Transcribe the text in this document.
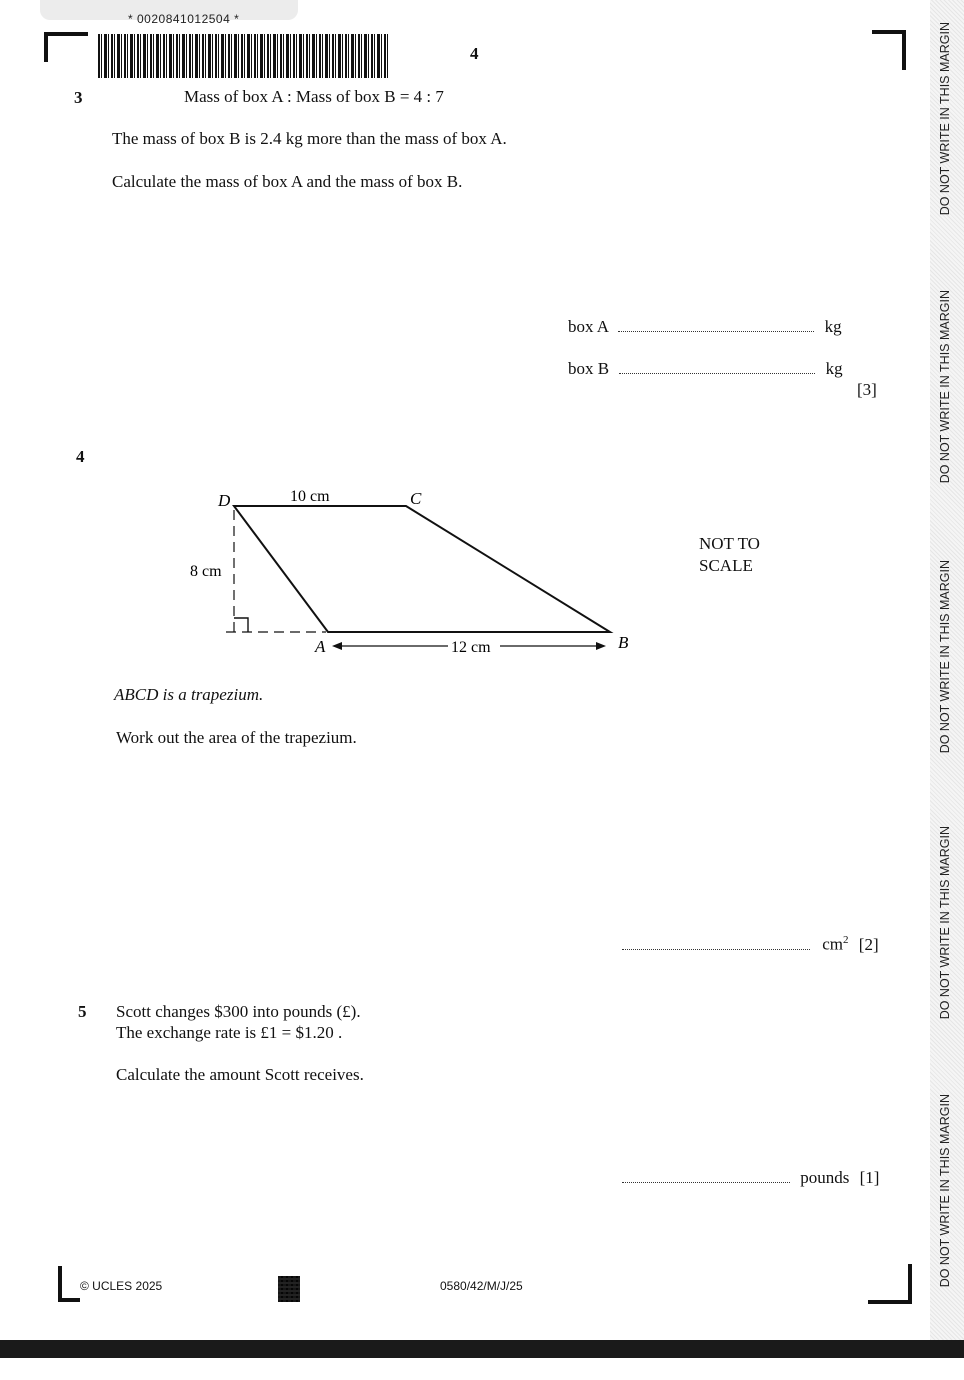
* 0020841012504 *
4
3	Mass of box A : Mass of box B = 4 : 7
The mass of box B is 2.4 kg more than the mass of box A.
Calculate the mass of box A and the mass of box B.
box A	kg
box B	kg
[3]
4
D	C
A	B
10 cm
8 cm
12 cm
NOT TO
SCALE
ABCD is a trapezium.
Work out the area of the trapezium.
$cm^2$ [2]
5 Scott changes $300 into pounds (£).
The exchange rate is £1 = $1.20 .
Calculate the amount Scott receives.
pounds [1]
© UCLES 2025	0580/42/M/J/25
DO NOT WRITE IN THIS MARGIN
DO NOT WRITE IN THIS MARGIN
DO NOT WRITE IN THIS MARGIN
DO NOT WRITE IN THIS MARGIN
DO NOT WRITE IN THIS MARGIN
